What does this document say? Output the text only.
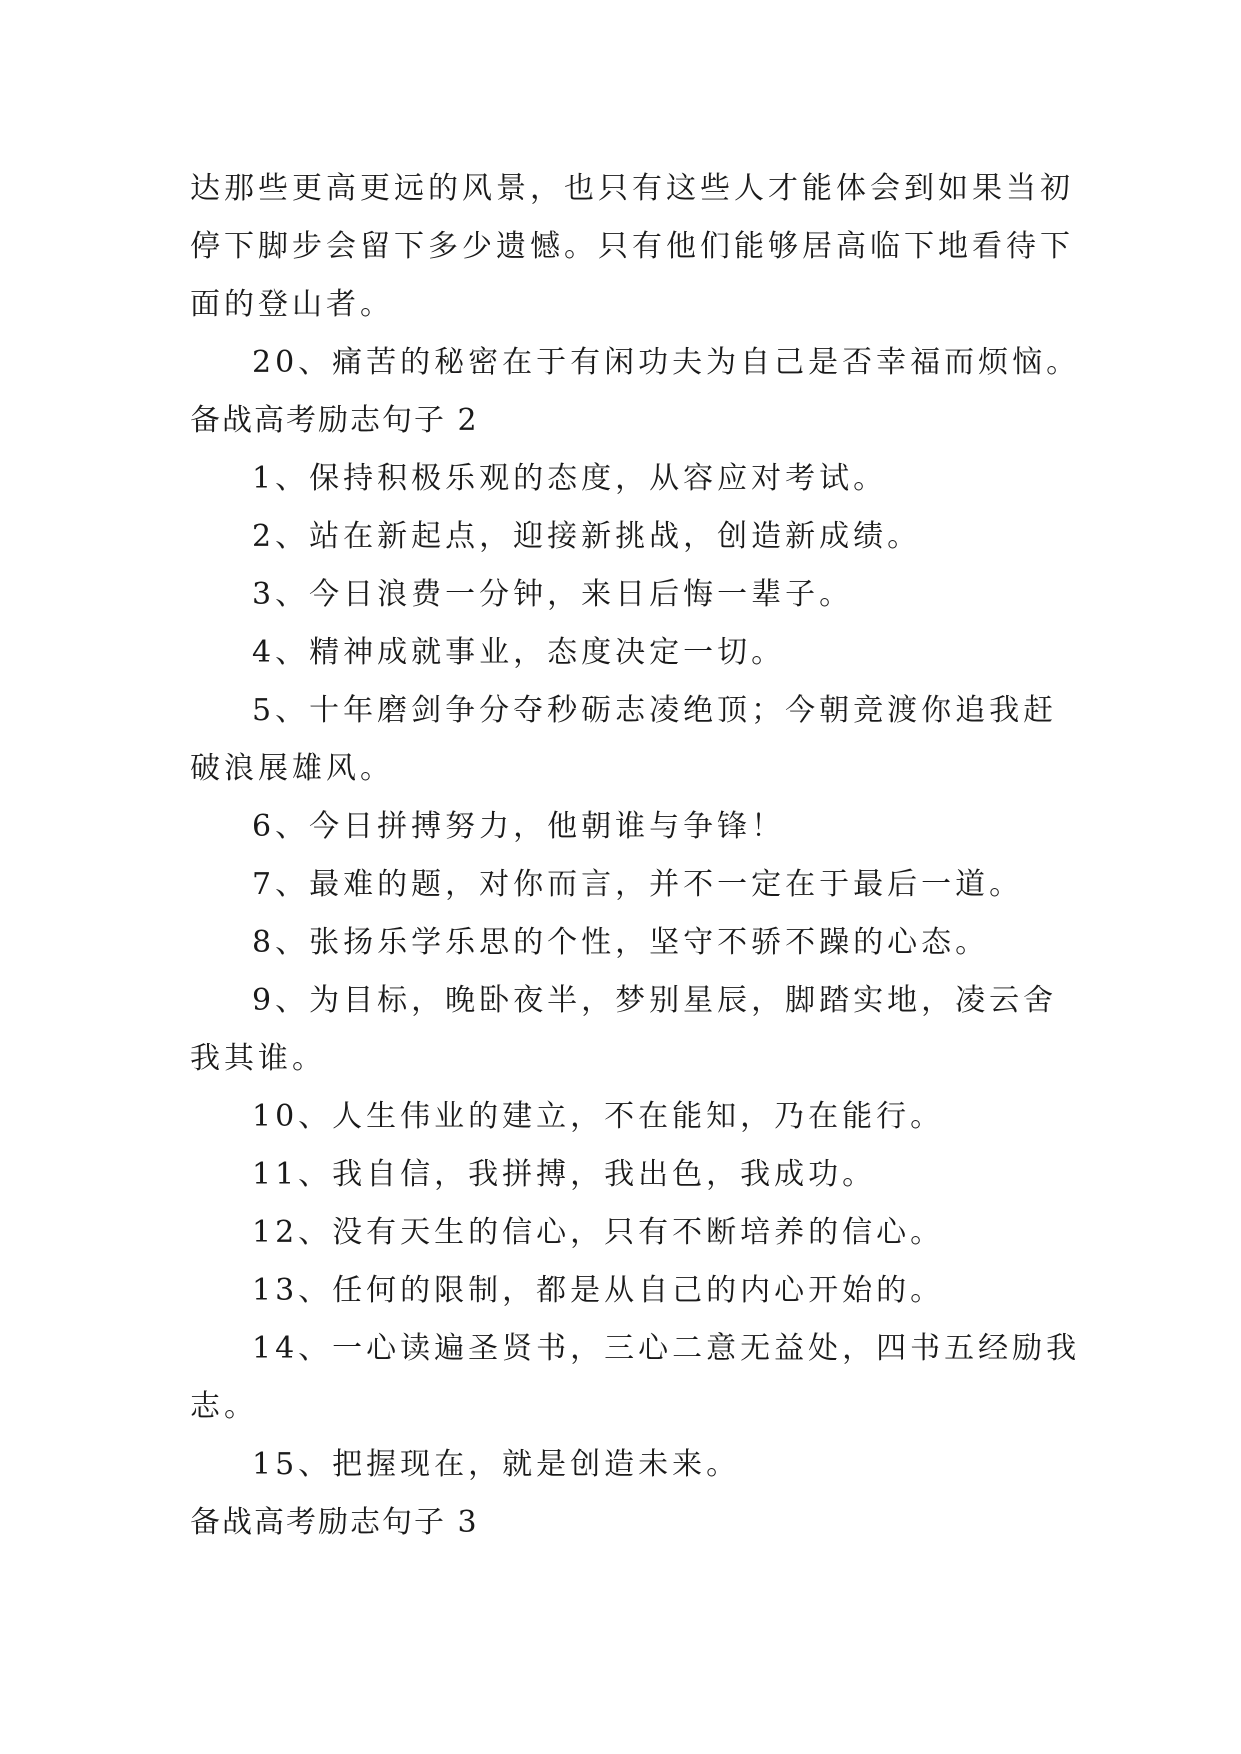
达那些更高更远的风景，也只有这些人才能体会到如果当初
停下脚步会留下多少遗憾。只有他们能够居高临下地看待下
面的登山者。
20、痛苦的秘密在于有闲功夫为自己是否幸福而烦恼。
备战高考励志句子 2
1、保持积极乐观的态度，从容应对考试。
2、站在新起点，迎接新挑战，创造新成绩。
3、今日浪费一分钟，来日后悔一辈子。
4、精神成就事业，态度决定一切。
5、十年磨剑争分夺秒砺志凌绝顶；今朝竞渡你追我赶
破浪展雄风。
6、今日拼搏努力，他朝谁与争锋！
7、最难的题，对你而言，并不一定在于最后一道。
8、张扬乐学乐思的个性，坚守不骄不躁的心态。
9、为目标，晚卧夜半，梦别星辰，脚踏实地，凌云舍
我其谁。
10、人生伟业的建立，不在能知，乃在能行。
11、我自信，我拼搏，我出色，我成功。
12、没有天生的信心，只有不断培养的信心。
13、任何的限制，都是从自己的内心开始的。
14、一心读遍圣贤书，三心二意无益处，四书五经励我
志。
15、把握现在，就是创造未来。
备战高考励志句子 3
